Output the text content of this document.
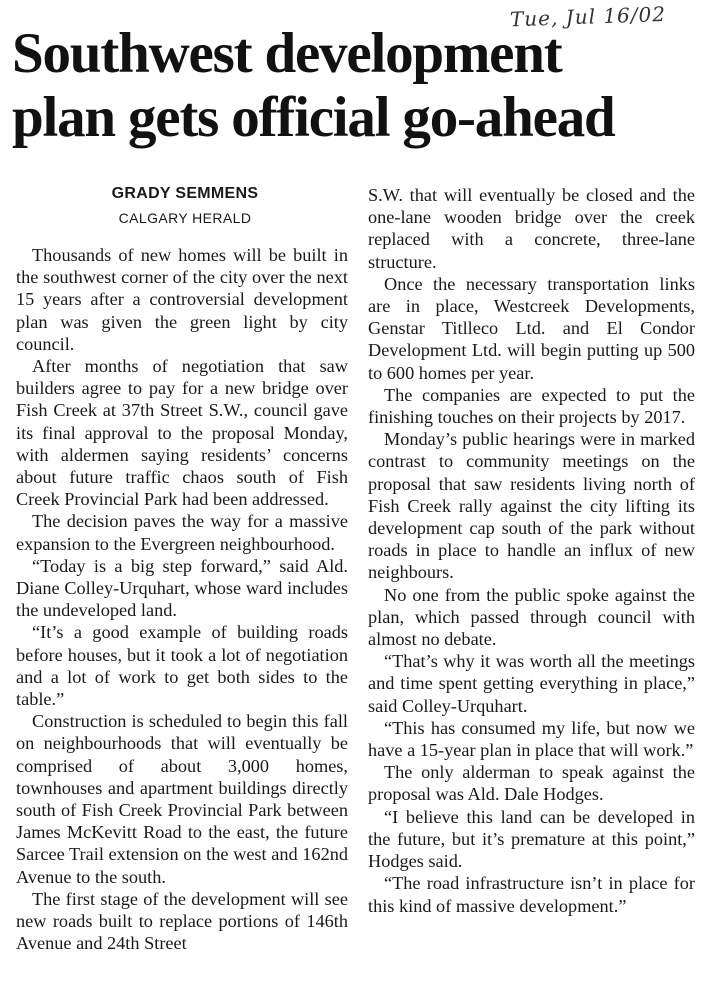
Tue, Jul 16/02
Southwest development
plan gets official go-ahead
GRADY SEMMENS
CALGARY HERALD

Thousands of new homes will be built in the southwest corner of the city over the next 15 years after a controversial development plan was given the green light by city council.

After months of negotiation that saw builders agree to pay for a new bridge over Fish Creek at 37th Street S.W., council gave its final approval to the proposal Monday, with aldermen saying residents’ concerns about future traffic chaos south of Fish Creek Provincial Park had been addressed.

The decision paves the way for a massive expansion to the Evergreen neighbourhood.

“Today is a big step forward,” said Ald. Diane Colley-Urquhart, whose ward includes the undeveloped land.

“It’s a good example of building roads before houses, but it took a lot of negotiation and a lot of work to get both sides to the table.”

Construction is scheduled to begin this fall on neighbourhoods that will eventually be comprised of about 3,000 homes, townhouses and apartment buildings directly south of Fish Creek Provincial Park between James McKevitt Road to the east, the future Sarcee Trail extension on the west and 162nd Avenue to the south.

The first stage of the development will see new roads built to replace portions of 146th Avenue and 24th Street

S.W. that will eventually be closed and the one-lane wooden bridge over the creek replaced with a concrete, three-lane structure.

Once the necessary transportation links are in place, Westcreek Developments, Genstar Titlleco Ltd. and El Condor Development Ltd. will begin putting up 500 to 600 homes per year.

The companies are expected to put the finishing touches on their projects by 2017.

Monday’s public hearings were in marked contrast to community meetings on the proposal that saw residents living north of Fish Creek rally against the city lifting its development cap south of the park without roads in place to handle an influx of new neighbours.

No one from the public spoke against the plan, which passed through council with almost no debate.

“That’s why it was worth all the meetings and time spent getting everything in place,” said Colley-Urquhart.

“This has consumed my life, but now we have a 15-year plan in place that will work.”

The only alderman to speak against the proposal was Ald. Dale Hodges.

“I believe this land can be developed in the future, but it’s premature at this point,” Hodges said.

“The road infrastructure isn’t in place for this kind of massive development.”
